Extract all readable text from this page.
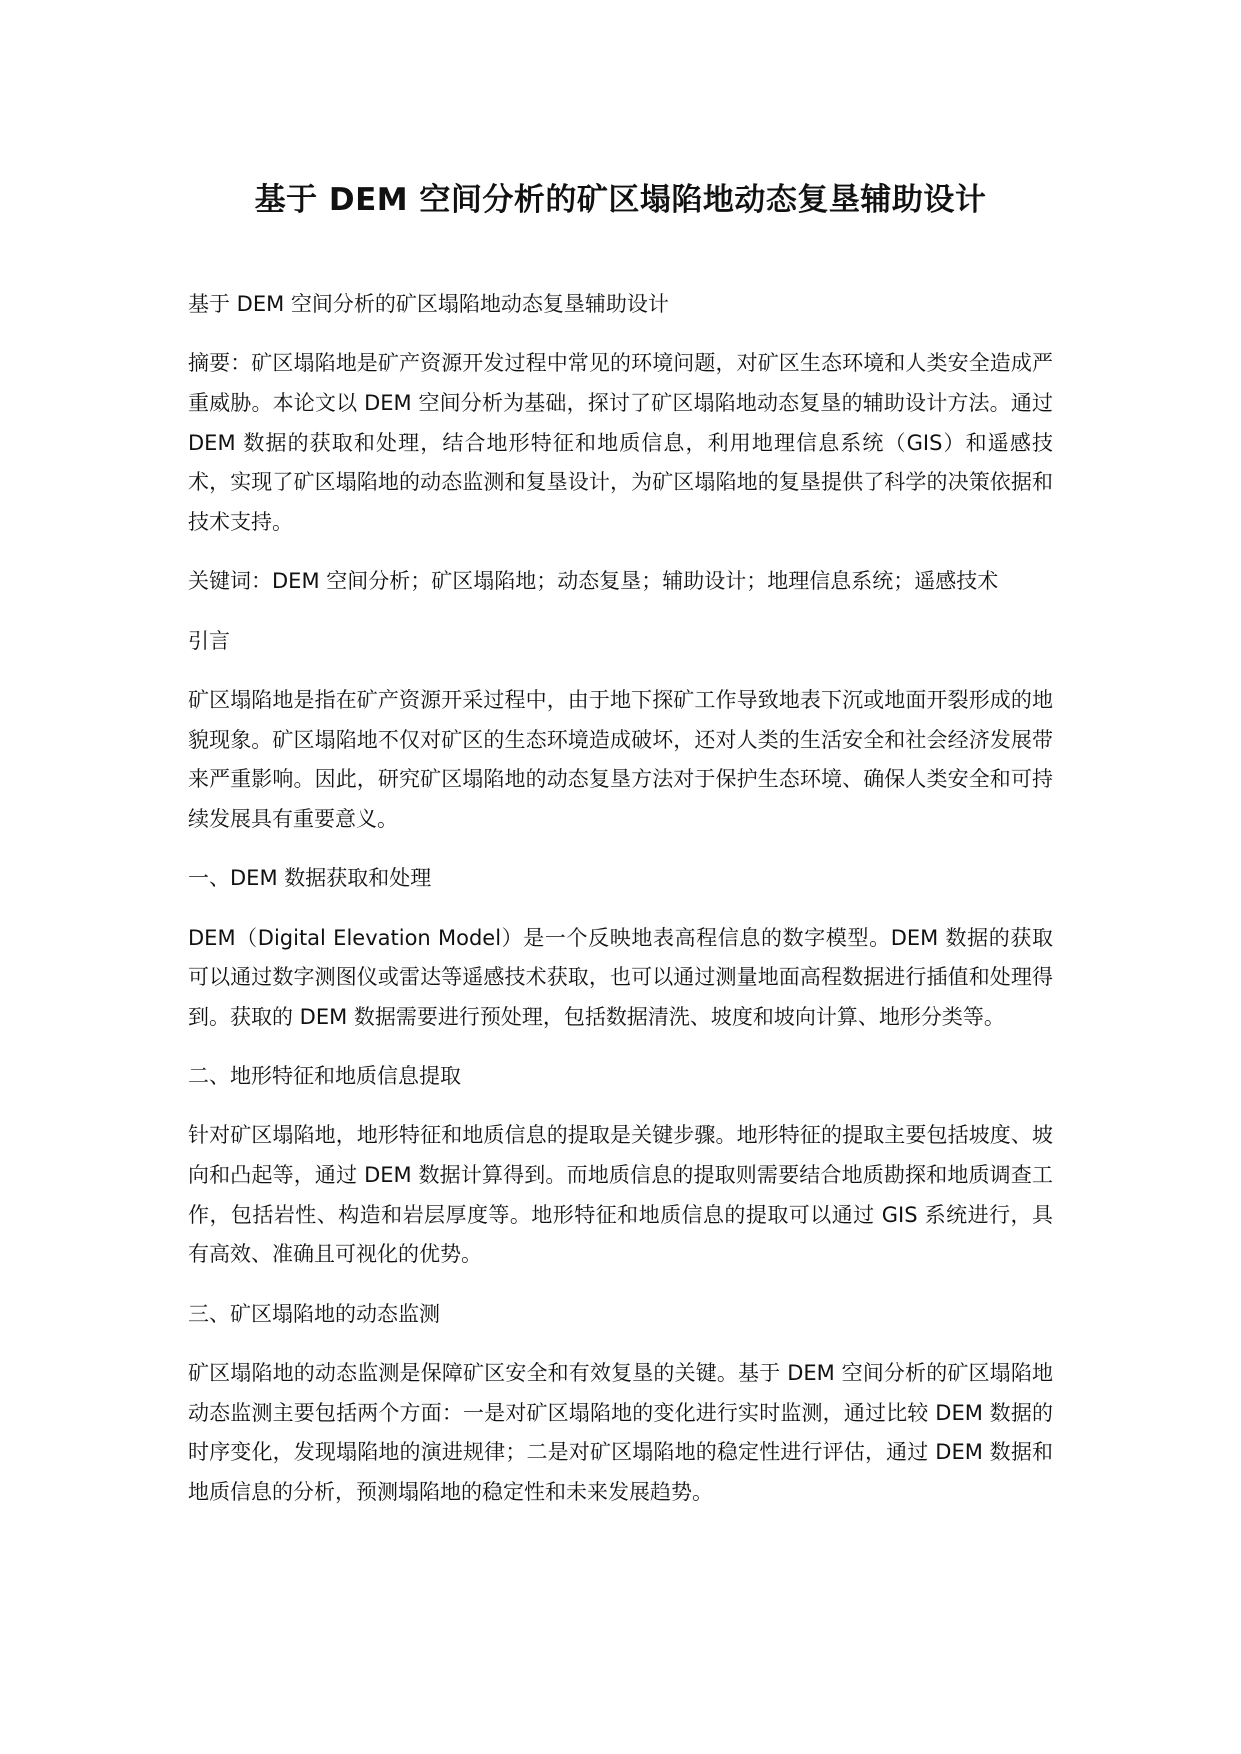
基于 DEM 空间分析的矿区塌陷地动态复垦辅助设计

基于 DEM 空间分析的矿区塌陷地动态复垦辅助设计

摘要：矿区塌陷地是矿产资源开发过程中常见的环境问题，对矿区生态环境和人类安全造成严重威胁。本论文以 DEM 空间分析为基础，探讨了矿区塌陷地动态复垦的辅助设计方法。通过 DEM 数据的获取和处理，结合地形特征和地质信息，利用地理信息系统（GIS）和遥感技术，实现了矿区塌陷地的动态监测和复垦设计，为矿区塌陷地的复垦提供了科学的决策依据和技术支持。

关键词：DEM 空间分析；矿区塌陷地；动态复垦；辅助设计；地理信息系统；遥感技术

引言

矿区塌陷地是指在矿产资源开采过程中，由于地下探矿工作导致地表下沉或地面开裂形成的地貌现象。矿区塌陷地不仅对矿区的生态环境造成破坏，还对人类的生活安全和社会经济发展带来严重影响。因此，研究矿区塌陷地的动态复垦方法对于保护生态环境、确保人类安全和可持续发展具有重要意义。

一、DEM 数据获取和处理

DEM（Digital Elevation Model）是一个反映地表高程信息的数字模型。DEM 数据的获取可以通过数字测图仪或雷达等遥感技术获取，也可以通过测量地面高程数据进行插值和处理得到。获取的 DEM 数据需要进行预处理，包括数据清洗、坡度和坡向计算、地形分类等。

二、地形特征和地质信息提取

针对矿区塌陷地，地形特征和地质信息的提取是关键步骤。地形特征的提取主要包括坡度、坡向和凸起等，通过 DEM 数据计算得到。而地质信息的提取则需要结合地质勘探和地质调查工作，包括岩性、构造和岩层厚度等。地形特征和地质信息的提取可以通过 GIS 系统进行，具有高效、准确且可视化的优势。

三、矿区塌陷地的动态监测

矿区塌陷地的动态监测是保障矿区安全和有效复垦的关键。基于 DEM 空间分析的矿区塌陷地动态监测主要包括两个方面：一是对矿区塌陷地的变化进行实时监测，通过比较 DEM 数据的时序变化，发现塌陷地的演进规律；二是对矿区塌陷地的稳定性进行评估，通过 DEM 数据和地质信息的分析，预测塌陷地的稳定性和未来发展趋势。
